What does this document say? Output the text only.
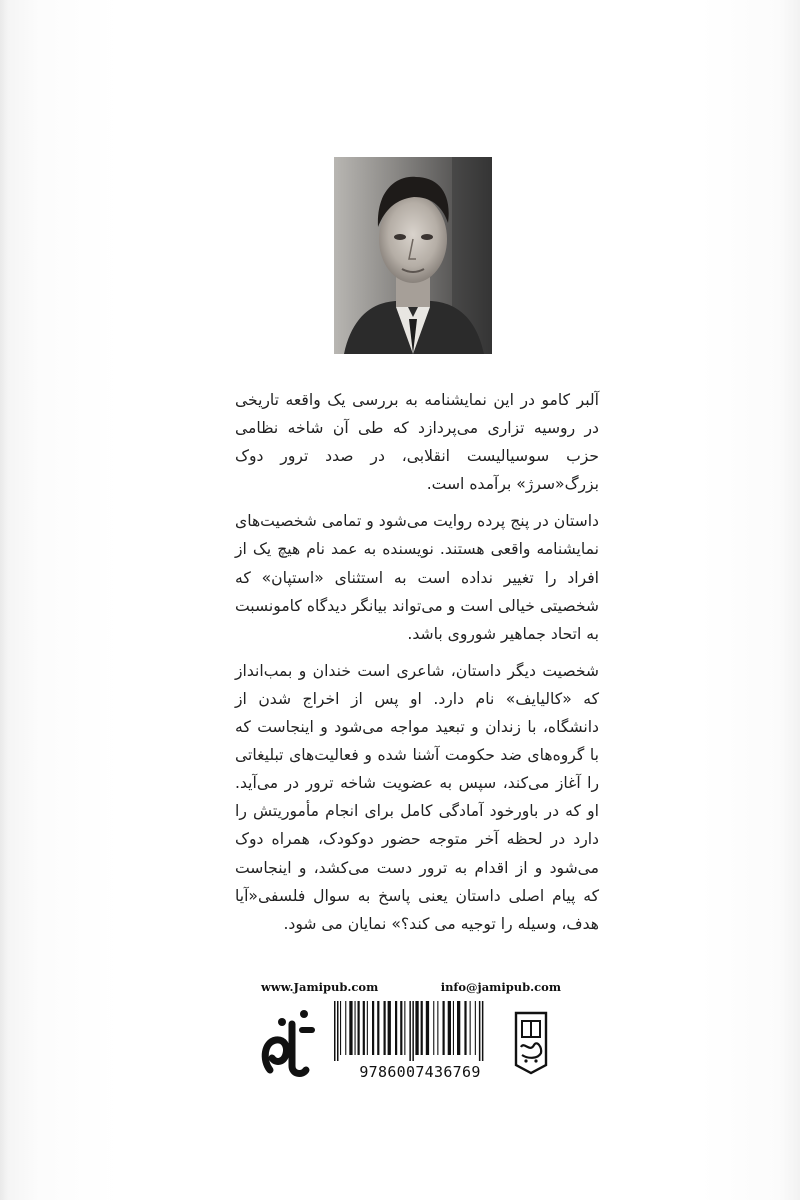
آلبر کامو در این نمایشنامه به بررسی یک واقعه تاریخی در روسیه تزاری می‌پردازد که طی آن شاخه نظامی حزب سوسیالیست انقلابی، در صدد ترور دوک بزرگ«سرژ» برآمده است.

داستان در پنج پرده روایت می‌شود و تمامی شخصیت‌های نمایشنامه واقعی هستند. نویسنده به عمد نام هیچ یک از افراد را تغییر نداده است به استثنای «استپان» که شخصیتی خیالی است و می‌تواند بیانگر دیدگاه کامونسبت به اتحاد جماهیر شوروی باشد.

شخصیت دیگر داستان، شاعری است خندان و بمب‌انداز که «کالیایف» نام دارد. او پس از اخراج شدن از دانشگاه، با زندان و تبعید مواجه می‌شود و اینجاست که با گروه‌های ضد حکومت آشنا شده و فعالیت‌های تبلیغاتی را آغاز می‌کند، سپس به عضویت شاخه ترور در می‌آید. او که در باورخود آمادگی کامل برای انجام مأموریتش را دارد در لحظه آخر متوجه حضور دوکودک، همراه دوک می‌شود و از اقدام به ترور دست می‌کشد، و اینجاست که پیام اصلی داستان یعنی پاسخ به سوال فلسفی«آیا هدف، وسیله را توجیه می کند؟» نمایان می شود.

www.Jamipub.com	info@jamipub.com
جامی
9786007436769	نیستان
